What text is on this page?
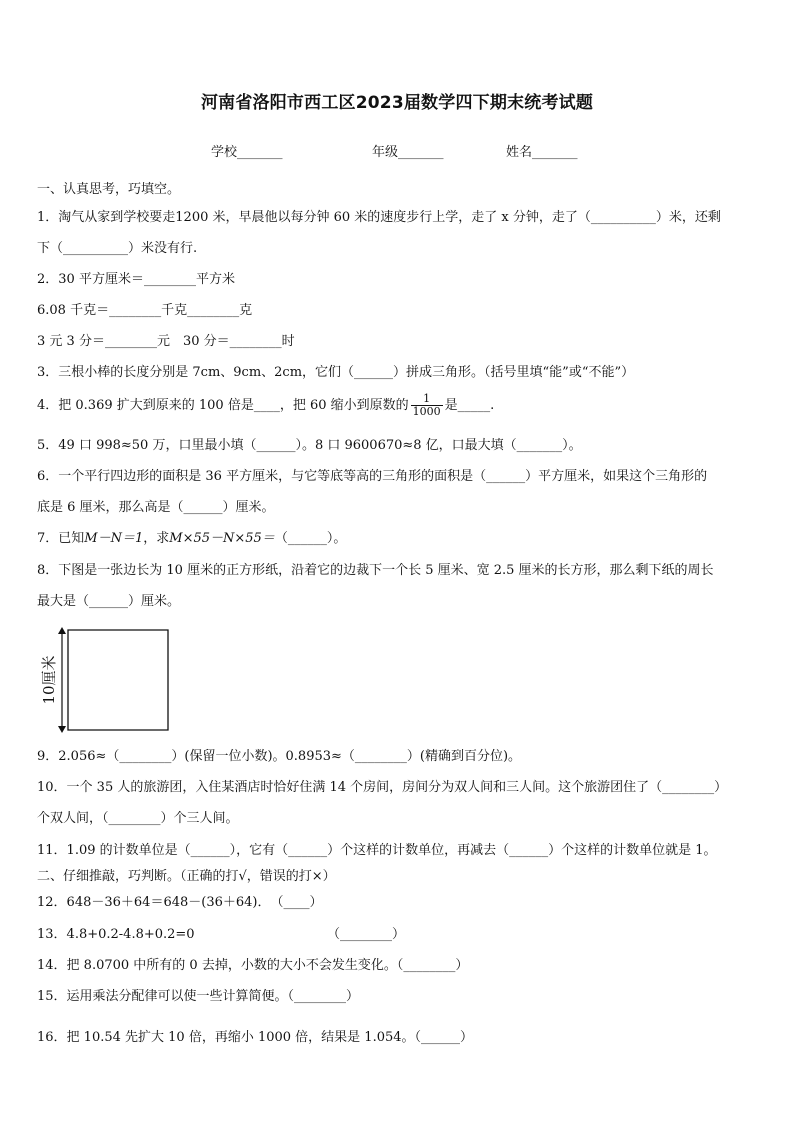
河南省洛阳市西工区2023届数学四下期末统考试题
学校_______	年级_______	姓名_______
一、认真思考，巧填空。
1．淘气从家到学校要走1200 米，早晨他以每分钟 60 米的速度步行上学，走了 x 分钟，走了（__________）米，还剩
下（__________）米没有行.
2．30 平方厘米＝________平方米
6.08 千克＝________千克________克
3 元 3 分＝________元　30 分＝________时
3．三根小棒的长度分别是 7cm、9cm、2cm，它们（______）拼成三角形。（括号里填“能”或“不能”）
4．把 0.369 扩大到原来的 100 倍是____，把 60 缩小到原数的 $\frac{1}{1000}$ 是_____.
5．49 口 998≈50 万，口里最小填（______）。8 口 9600670≈8 亿，口最大填（_______）。
6．一个平行四边形的面积是 36 平方厘米，与它等底等高的三角形的面积是（______）平方厘米，如果这个三角形的
底是 6 厘米，那么高是（______）厘米。
7．已知M－N＝1，求M×55－N×55＝（______）。
8．下图是一张边长为 10 厘米的正方形纸，沿着它的边裁下一个长 5 厘米、宽 2.5 厘米的长方形，那么剩下纸的周长
最大是（______）厘米。
10厘米
9．2.056≈（________）(保留一位小数)。0.8953≈（________）(精确到百分位)。
10．一个 35 人的旅游团，入住某酒店时恰好住满 14 个房间，房间分为双人间和三人间。这个旅游团住了（________）
个双人间，（________）个三人间。
11．1.09 的计数单位是（______），它有（______）个这样的计数单位，再减去（______）个这样的计数单位就是 1。
二、仔细推敲，巧判断。（正确的打√，错误的打×）
12．648－36＋64＝648－(36＋64)．　（____）
13．4.8+0.2-4.8+0.2=0	（________）
14．把 8.0700 中所有的 0 去掉，小数的大小不会发生变化。（________）
15．运用乘法分配律可以使一些计算简便。（________）
16．把 10.54 先扩大 10 倍，再缩小 1000 倍，结果是 1.054。（______）
